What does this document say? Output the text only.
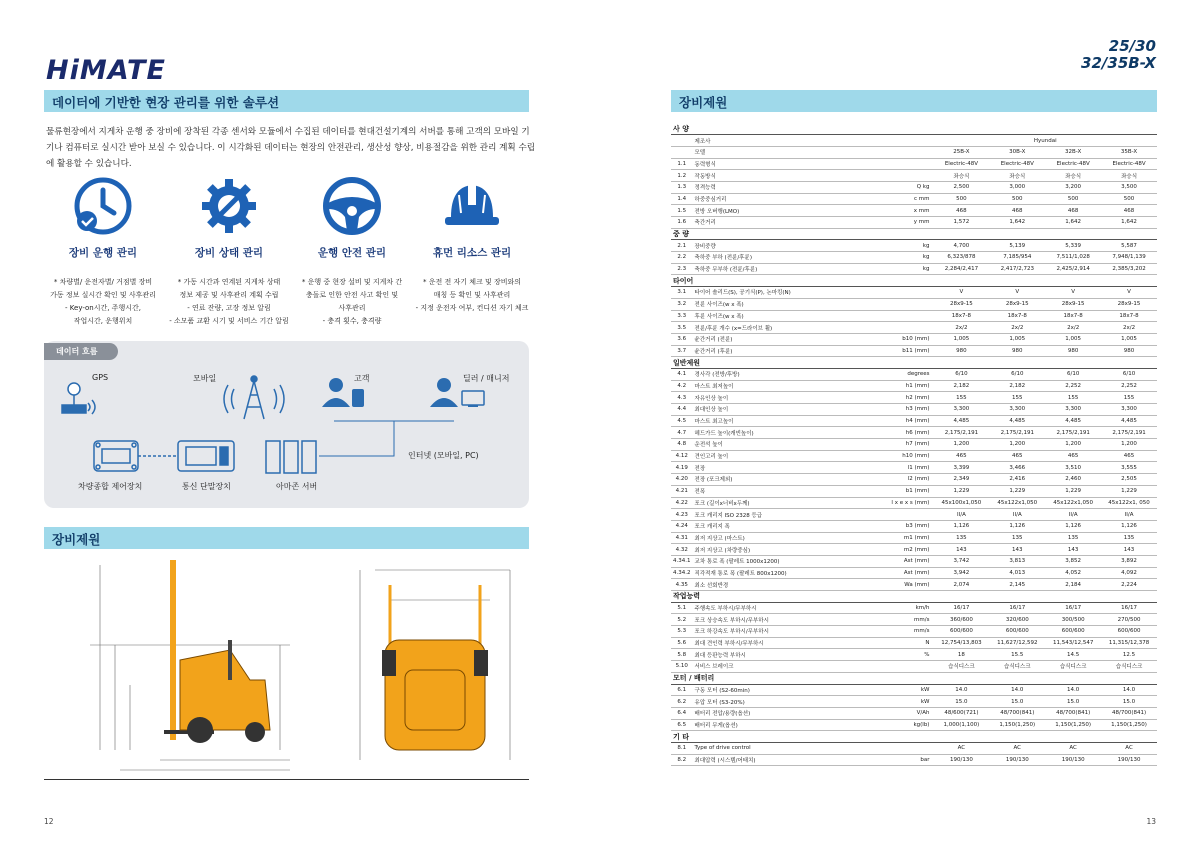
HiMATE
데이터에 기반한 현장 관리를 위한 솔루션

물류현장에서 지게차 운행 중 장비에 장착된 각종 센서와 모듈에서 수집된 데이터를 현대건설기계의 서버를 통해 고객의 모바일 기기나 컴퓨터로 실시간 받아 보실 수 있습니다. 이 시각화된 데이터는 현장의 안전관리, 생산성 향상, 비용절감을 위한 관리 계획 수립에 활용할 수 있습니다.

장비 운행 관리
* 차량별/ 운전자별/ 거점별 장비
가동 정보 실시간 확인 및 사후관리
- Key-on시간, 주행시간,
작업시간, 운행위치
장비 상태 관리
* 가동 시간과 연계된 지게차 상태
정보 제공 및 사후관리 계획 수립
- 연료 잔량, 고장 정보 알림
- 소모품 교환 시기 및 서비스 기간 알림
운행 안전 관리
* 운행 중 현장 설비 및 지게차 간
충돌로 인한 안전 사고 확인 및
사후관리
- 충격 횟수, 충격량
휴먼 리소스 관리
* 운전 전 자기 체크 및 장비와의
매칭 등 확인 및 사후관리
- 지정 운전자 여부, 컨디션 자기 체크
데이터 흐름
GPS	모바일	고객	딜러 / 매니저
차량종합 제어장치	통신 단말장치	아마존 서버
인터넷 (모바일, PC)
장비제원
12
25/30
32/35B-X
장비제원
사 양						
	제조사		Hyundai			
	모델		25B-X	30B-X	32B-X	35B-X
1.1	동력형식		Electric-48V	Electric-48V	Electric-48V	Electric-48V
1.2	작동방식		좌승식	좌승식	좌승식	좌승식
1.3	정격능력	Q kg	2,500	3,000	3,200	3,500
1.4	하중중심거리	c mm	500	500	500	500
1.5	전방 오버행(LMO)	x mm	468	468	468	468
1.6	축간거리	y mm	1,572	1,642	1,642	1,642
중 량						
2.1	장비중량	kg	4,700	5,139	5,339	5,587
2.2	축하중 부하 (전륜/후륜)	kg	6,323/878	7,185/954	7,511/1,028	7,948/1,139
2.3	축하중 무부하 (전륜/후륜)	kg	2,284/2,417	2,417/2,723	2,425/2,914	2,385/3,202
타이어						
3.1	타이어 솔리드(S), 공기식(P), 논마킹(N)		V	V	V	V
3.2	전륜 사이즈(w x 폭)		28x9-15	28x9-15	28x9-15	28x9-15
3.3	후륜 사이즈(w x 폭)		18x7-8	18x7-8	18x7-8	18x7-8
3.5	전륜/후륜 개수 (x=드라이브 휠)		2x/2	2x/2	2x/2	2x/2
3.6	윤간거리 (전륜)	b10 (mm)	1,005	1,005	1,005	1,005
3.7	윤간거리 (후륜)	b11 (mm)	980	980	980	980
일반제원						
4.1	경사각 (전방/후방)	degrees	6/10	6/10	6/10	6/10
4.2	마스트 최저높이	h1 (mm)	2,182	2,182	2,252	2,252
4.3	자유인상 높이	h2 (mm)	155	155	155	155
4.4	최대인상 높이	h3 (mm)	3,300	3,300	3,300	3,300
4.5	마스트 최고높이	h4 (mm)	4,485	4,485	4,485	4,485
4.7	헤드가드 높이(캐빈높이)	h6 (mm)	2,175/2,191	2,175/2,191	2,175/2,191	2,175/2,191
4.8	운전석 높이	h7 (mm)	1,200	1,200	1,200	1,200
4.12	견인고리 높이	h10 (mm)	465	465	465	465
4.19	전장	l1 (mm)	3,399	3,466	3,510	3,555
4.20	전장 (포크제외)	l2 (mm)	2,349	2,416	2,460	2,505
4.21	전폭	b1 (mm)	1,229	1,229	1,229	1,229
4.22	포크 (길이x너비x두께)	l x e x s (mm)	45x100x1,050	45x122x1,050	45x122x1,050	45x122x1, 050
4.23	포크 캐리지 ISO 2328 등급		II/A	II/A	II/A	II/A
4.24	포크 캐리지 폭	b3 (mm)	1,126	1,126	1,126	1,126
4.31	최저 지상고 (마스트)	m1 (mm)	135	135	135	135
4.32	최저 지상고 (차량중심)	m2 (mm)	143	143	143	143
4.34.1	교차 통로 폭 (팔레트 1000x1200)	Ast (mm)	3,742	3,813	3,852	3,892
4.34.2	직각적재 통로 폭 (팔레트 800x1200)	Ast (mm)	3,942	4,013	4,052	4,092
4.35	최소 선회반경	Wa (mm)	2,074	2,145	2,184	2,224
작업능력						
5.1	주행속도 부하시/무부하시	km/h	16/17	16/17	16/17	16/17
5.2	포크 상승속도 부하시/무부하시	mm/s	360/600	320/600	300/500	270/500
5.3	포크 하강속도 부하시/무부하시	mm/s	600/600	600/600	600/600	600/600
5.6	최대 견인력 부하시/무부하시	N	12,754/13,803	11,627/12,592	11,543/12,547	11,315/12,378
5.8	최대 등판능력 부하시	%	18	15.5	14.5	12.5
5.10	서비스 브레이크		습식디스크	습식디스크	습식디스크	습식디스크
모터 / 배터리						
6.1	구동 모터 (S2-60min)	kW	14.0	14.0	14.0	14.0
6.2	유압 모터 (S3-20%)	kW	15.0	15.0	15.0	15.0
6.4	배터리 전압/용량(옵션)	V/Ah	48/600(721)	48/700(841)	48/700(841)	48/700(841)
6.5	배터리 무게(옵션)	kg(lb)	1,000(1,100)	1,150(1,250)	1,150(1,250)	1,150(1,250)
기 타						
8.1	Type of drive control		AC	AC	AC	AC
8.2	최대압력 (시스템/어태치)	bar	190/130	190/130	190/130	190/130
13
